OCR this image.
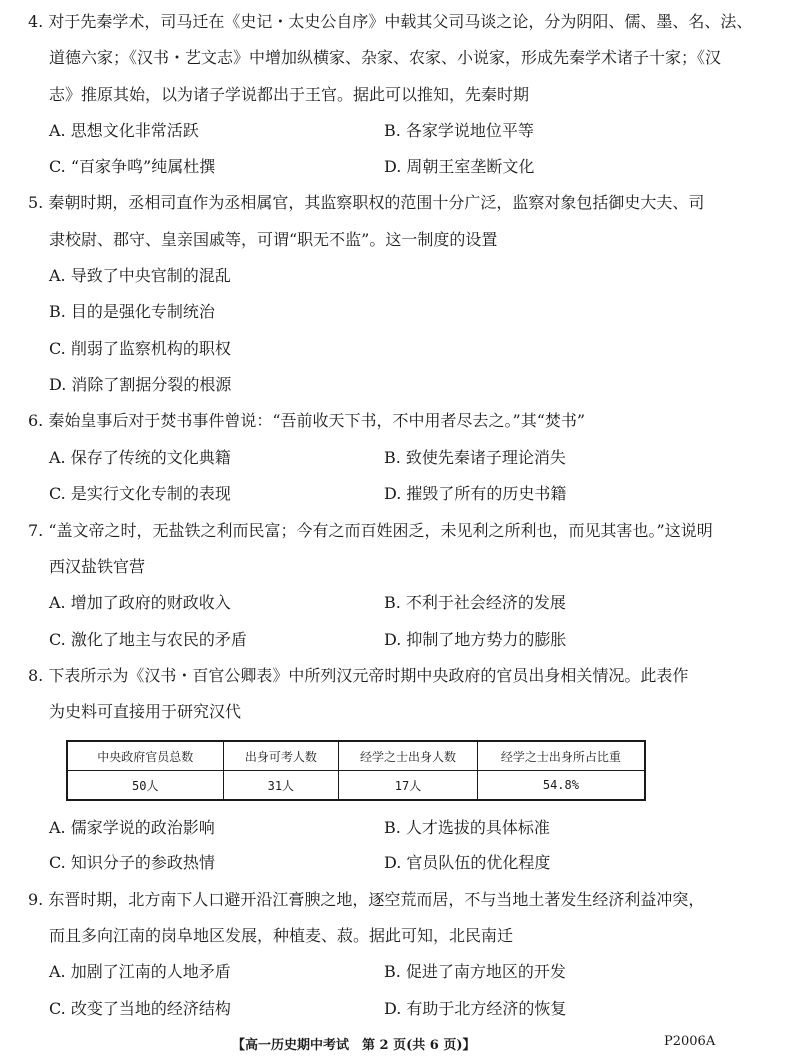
4. 对于先秦学术，司马迁在《史记・太史公自序》中载其父司马谈之论，分为阴阳、儒、墨、名、法、
道德六家；《汉书・艺文志》中增加纵横家、杂家、农家、小说家，形成先秦学术诸子十家；《汉
志》推原其始，以为诸子学说都出于王官。据此可以推知，先秦时期
A. 思想文化非常活跃	B. 各家学说地位平等
C. “百家争鸣”纯属杜撰	D. 周朝王室垄断文化
5. 秦朝时期，丞相司直作为丞相属官，其监察职权的范围十分广泛，监察对象包括御史大夫、司
隶校尉、郡守、皇亲国戚等，可谓“职无不监”。这一制度的设置
A. 导致了中央官制的混乱
B. 目的是强化专制统治
C. 削弱了监察机构的职权
D. 消除了割据分裂的根源
6. 秦始皇事后对于焚书事件曾说：“吾前收天下书，不中用者尽去之。”其“焚书”
A. 保存了传统的文化典籍	B. 致使先秦诸子理论消失
C. 是实行文化专制的表现	D. 摧毁了所有的历史书籍
7. “盖文帝之时，无盐铁之利而民富；今有之而百姓困乏，未见利之所利也，而见其害也。”这说明
西汉盐铁官营
A. 增加了政府的财政收入	B. 不利于社会经济的发展
C. 激化了地主与农民的矛盾	D. 抑制了地方势力的膨胀
8. 下表所示为《汉书・百官公卿表》中所列汉元帝时期中央政府的官员出身相关情况。此表作
为史料可直接用于研究汉代
中央政府官员总数	出身可考人数	经学之士出身人数	经学之士出身所占比重
50人	31人	17人	54.8%
A. 儒家学说的政治影响	B. 人才选拔的具体标准
C. 知识分子的参政热情	D. 官员队伍的优化程度
9. 东晋时期，北方南下人口避开沿江膏腴之地，逐空荒而居，不与当地土著发生经济利益冲突，
而且多向江南的岗阜地区发展，种植麦、菽。据此可知，北民南迁
A. 加剧了江南的人地矛盾	B. 促进了南方地区的开发
C. 改变了当地的经济结构	D. 有助于北方经济的恢复
【高一历史期中考试　第 2 页(共 6 页)】	P2006A
